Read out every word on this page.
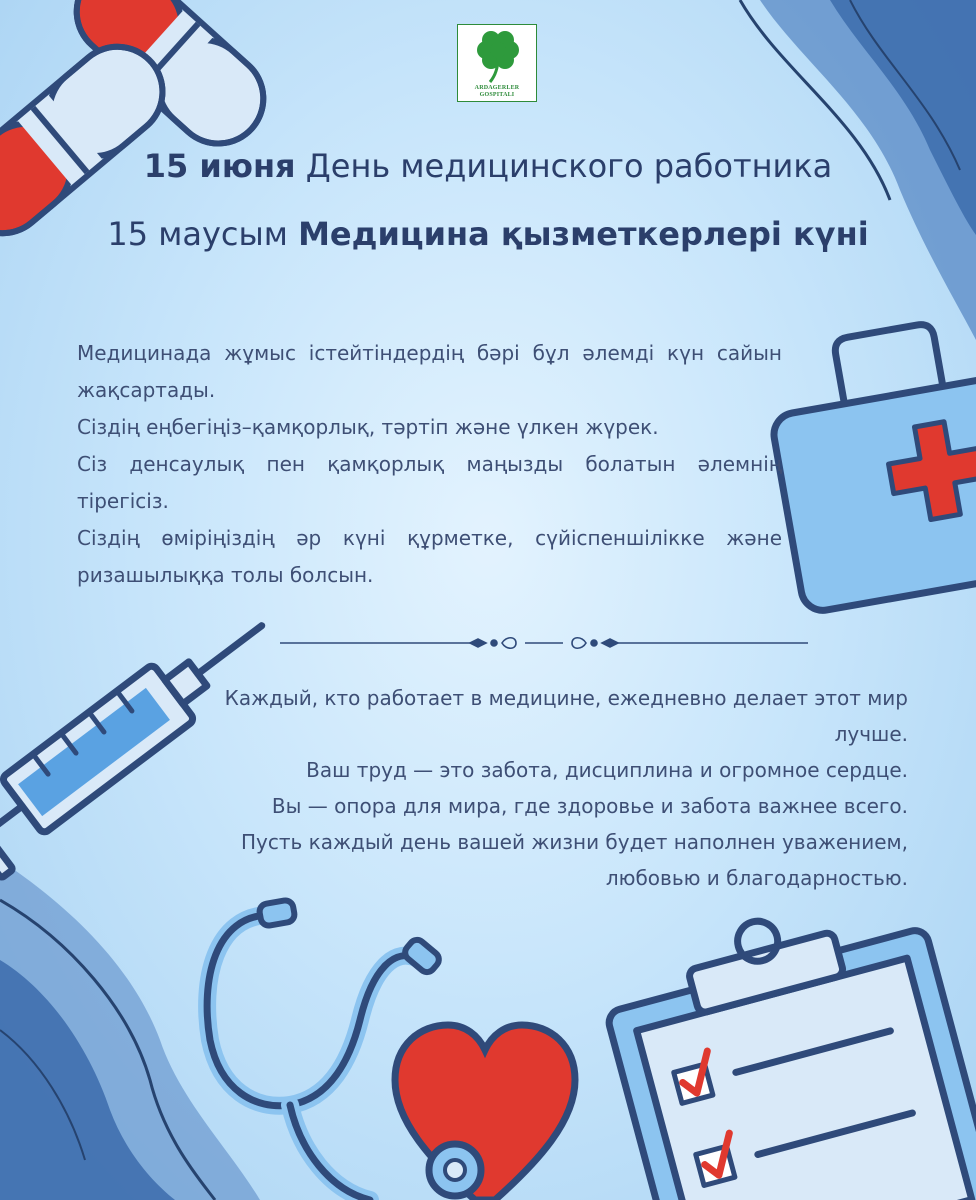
ARDAGERLER
GOSPITALI
15 июня День медицинского работника
15 маусым Медицина қызметкерлері күні

Медицинада жұмыс істейтіндердің бәрі бұл әлемді күн сайын жақсартады.

Сіздің еңбегіңіз–қамқорлық, тәртіп және үлкен жүрек.

Сіз денсаулық пен қамқорлық маңызды болатын әлемнің тірегісіз.

Сіздің өміріңіздің әр күні құрметке, сүйіспеншілікке және ризашылыққа толы болсын.

Каждый, кто работает в медицине, ежедневно делает этот мир лучше.

Ваш труд — это забота, дисциплина и огромное сердце.

Вы — опора для мира, где здоровье и забота важнее всего.

Пусть каждый день вашей жизни будет наполнен уважением, любовью и благодарностью.
